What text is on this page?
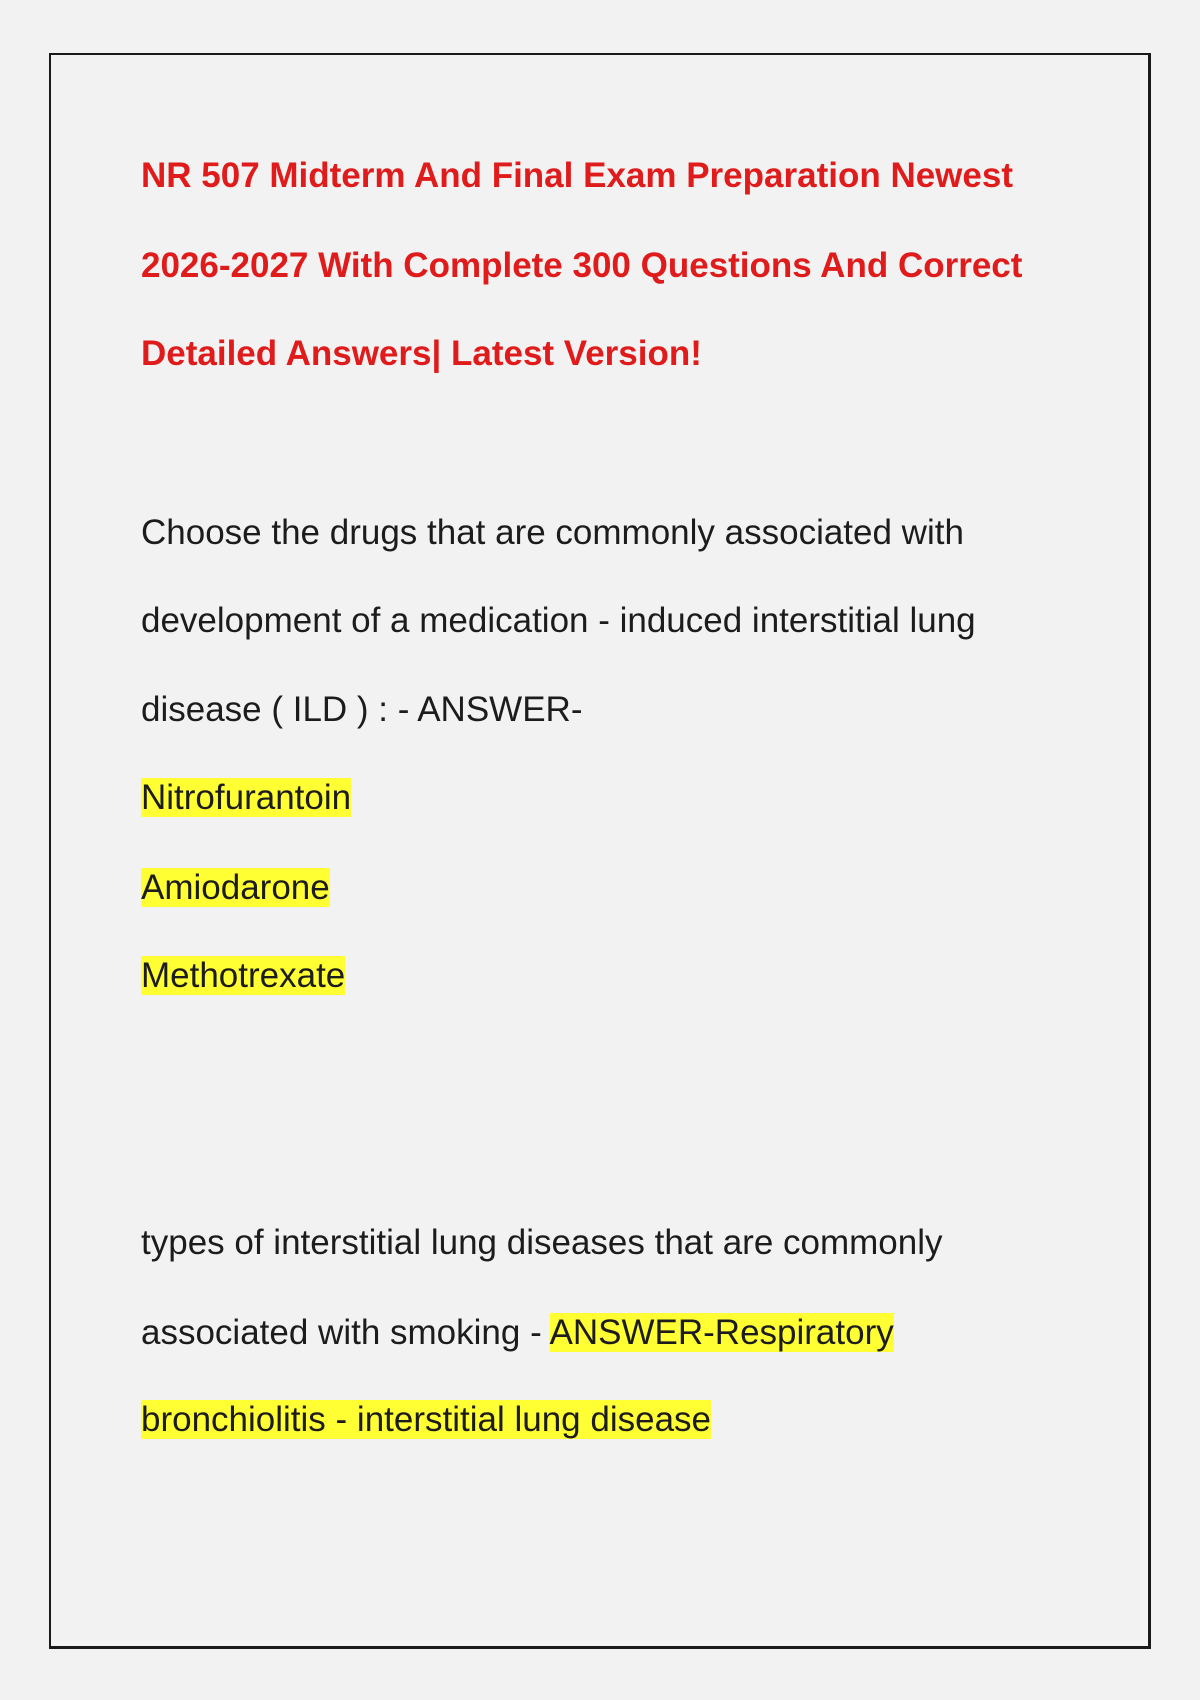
NR 507 Midterm And Final Exam Preparation Newest
2026-2027 With Complete 300 Questions And Correct
Detailed Answers| Latest Version!
Choose the drugs that are commonly associated with
development of a medication - induced interstitial lung
disease ( ILD ) : - ANSWER-
Nitrofurantoin
Amiodarone
Methotrexate
types of interstitial lung diseases that are commonly
associated with smoking - ANSWER-Respiratory
bronchiolitis - interstitial lung disease
